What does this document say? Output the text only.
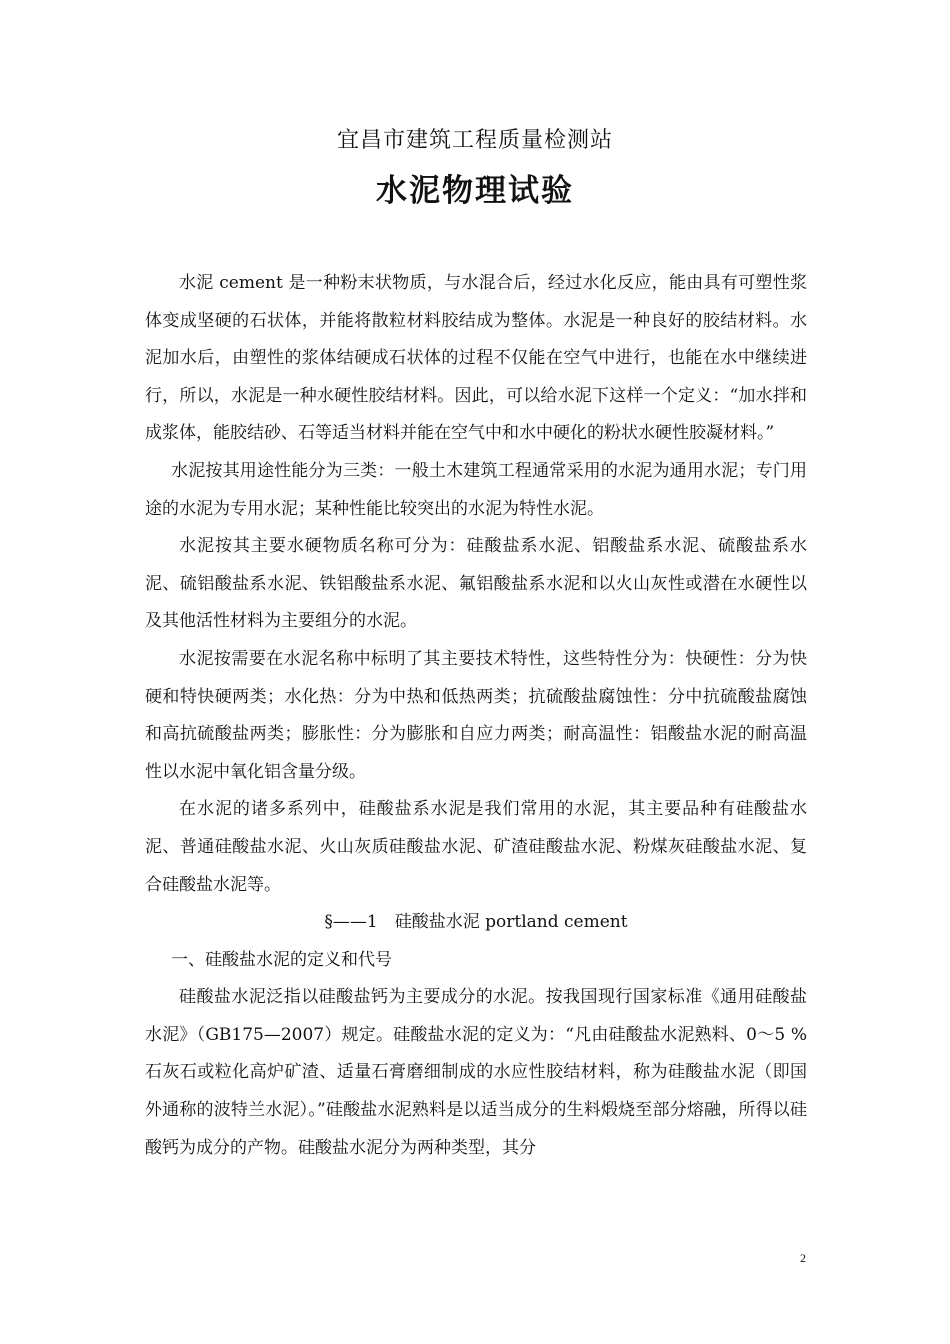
宜昌市建筑工程质量检测站
水泥物理试验

水泥 cement 是一种粉末状物质，与水混合后，经过水化反应，能由具有可塑性浆体变成坚硬的石状体，并能将散粒材料胶结成为整体。水泥是一种良好的胶结材料。水泥加水后，由塑性的浆体结硬成石状体的过程不仅能在空气中进行，也能在水中继续进行，所以，水泥是一种水硬性胶结材料。因此，可以给水泥下这样一个定义：“加水拌和成浆体，能胶结砂、石等适当材料并能在空气中和水中硬化的粉状水硬性胶凝材料。”

水泥按其用途性能分为三类：一般土木建筑工程通常采用的水泥为通用水泥；专门用途的水泥为专用水泥；某种性能比较突出的水泥为特性水泥。

水泥按其主要水硬物质名称可分为：硅酸盐系水泥、铝酸盐系水泥、硫酸盐系水泥、硫铝酸盐系水泥、铁铝酸盐系水泥、氟铝酸盐系水泥和以火山灰性或潜在水硬性以及其他活性材料为主要组分的水泥。

水泥按需要在水泥名称中标明了其主要技术特性，这些特性分为：快硬性：分为快硬和特快硬两类；水化热：分为中热和低热两类；抗硫酸盐腐蚀性：分中抗硫酸盐腐蚀和高抗硫酸盐两类；膨胀性：分为膨胀和自应力两类；耐高温性：铝酸盐水泥的耐高温性以水泥中氧化铝含量分级。

在水泥的诸多系列中，硅酸盐系水泥是我们常用的水泥，其主要品种有硅酸盐水泥、普通硅酸盐水泥、火山灰质硅酸盐水泥、矿渣硅酸盐水泥、粉煤灰硅酸盐水泥、复合硅酸盐水泥等。

§——1　硅酸盐水泥 portland cement

一、硅酸盐水泥的定义和代号

硅酸盐水泥泛指以硅酸盐钙为主要成分的水泥。按我国现行国家标准《通用硅酸盐水泥》（GB175—2007）规定。硅酸盐水泥的定义为：“凡由硅酸盐水泥熟料、0～5 %石灰石或粒化高炉矿渣、适量石膏磨细制成的水应性胶结材料，称为硅酸盐水泥（即国外通称的波特兰水泥）。”硅酸盐水泥熟料是以适当成分的生料煅烧至部分熔融，所得以硅酸钙为成分的产物。硅酸盐水泥分为两种类型，其分

2
